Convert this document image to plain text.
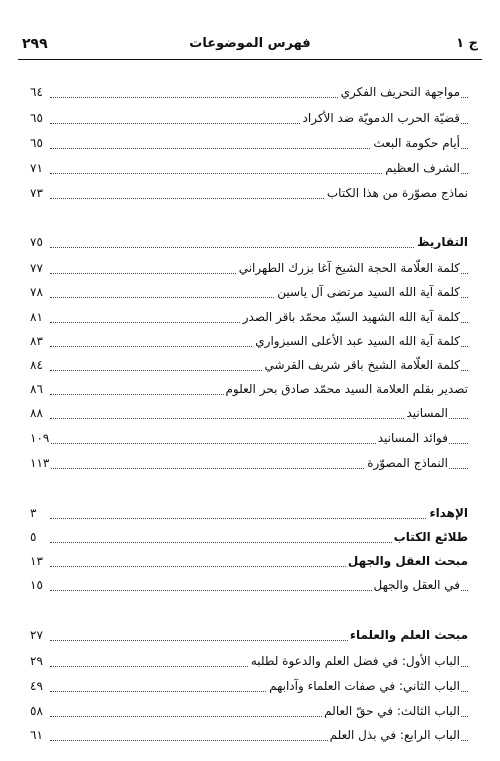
٢٩٩	فهرس الموضوعات	ج ١
مواجهة التحريف الفكري
٦٤
قضيّة الحرب الدمويّة ضد الأكراد
٦٥
أيام حكومة البعث
٦٥
الشرف العظيم
٧١
نماذج مصوّرة من هذا الكتاب
٧٣
التقاريظ
٧٥
كلمة العلّامة الحجة الشيخ آغا بزرك الطهراني
٧٧
كلمة آية الله السيد مرتضى آل ياسين
٧٨
كلمة آية الله الشهيد السيّد محمّد باقر الصدر
٨١
كلمة آية الله السيد عبد الأعلى السبزواري
٨٣
كلمة العلّامة الشيخ باقر شريف القرشي
٨٤
تصدير بقلم العلامة السيد محمّد صادق بحر العلوم
٨٦
المسانيد
٨٨
فوائد المسانيد
١٠٩
النماذج المصوّرة
١١٣
الإهداء
٣
طلائع الكتاب
٥
مبحث العقل والجهل
١٣
في العقل والجهل
١٥
مبحث العلم والعلماء
٢٧
الباب الأول: في فضل العلم والدعوة لطلبه
٢٩
الباب الثاني: في صفات العلماء وآدابهم
٤٩
الباب الثالث: في حقّ العالم
٥٨
الباب الرابع: في بذل العلم
٦١
